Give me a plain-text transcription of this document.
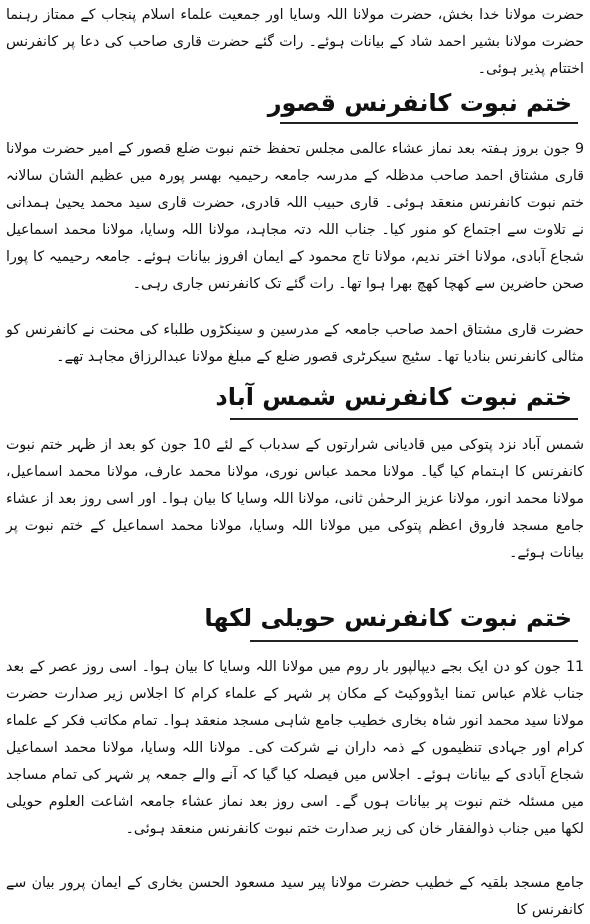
حضرت مولانا خدا بخش، حضرت مولانا اللہ وسایا اور جمعیت علماء اسلام پنجاب کے ممتاز رہنما حضرت مولانا بشیر احمد شاد کے بیانات ہوئے۔ رات گئے حضرت قاری صاحب کی دعا پر کانفرنس اختتام پذیر ہوئی۔
ختم نبوت کانفرنس قصور
9 جون بروز ہفتہ بعد نماز عشاء عالمی مجلس تحفظ ختم نبوت ضلع قصور کے امیر حضرت مولانا قاری مشتاق احمد صاحب مدظلہ کے مدرسہ جامعہ رحیمیہ بھسر پورہ میں عظیم الشان سالانہ ختم نبوت کانفرنس منعقد ہوئی۔ قاری حبیب اللہ قادری، حضرت قاری سید محمد یحییٰ ہمدانی نے تلاوت سے اجتماع کو منور کیا۔ جناب اللہ دتہ مجاہد، مولانا اللہ وسایا، مولانا محمد اسماعیل شجاع آبادی، مولانا اختر ندیم، مولانا تاج محمود کے ایمان افروز بیانات ہوئے۔ جامعہ رحیمیہ کا پورا صحن حاضرین سے کھچا کھچ بھرا ہوا تھا۔ رات گئے تک کانفرنس جاری رہی۔
حضرت قاری مشتاق احمد صاحب جامعہ کے مدرسین و سینکڑوں طلباء کی محنت نے کانفرنس کو مثالی کانفرنس بنادیا تھا۔ سٹیج سیکرٹری قصور ضلع کے مبلغ مولانا عبدالرزاق مجاہد تھے۔
ختم نبوت کانفرنس شمس آباد
شمس آباد نزد پتوکی میں قادیانی شرارتوں کے سدباب کے لئے 10 جون کو بعد از ظہر ختم نبوت کانفرنس کا اہتمام کیا گیا۔ مولانا محمد عباس نوری، مولانا محمد عارف، مولانا محمد اسماعیل، مولانا محمد انور، مولانا عزیز الرحمٰن ثانی، مولانا اللہ وسایا کا بیان ہوا۔ اور اسی روز بعد از عشاء جامع مسجد فاروق اعظم پتوکی میں مولانا اللہ وسایا، مولانا محمد اسماعیل کے ختم نبوت پر بیانات ہوئے۔
ختم نبوت کانفرنس حویلی لکھا
11 جون کو دن ایک بجے دیپالپور بار روم میں مولانا اللہ وسایا کا بیان ہوا۔ اسی روز عصر کے بعد جناب غلام عباس تمنا ایڈووکیٹ کے مکان پر شہر کے علماء کرام کا اجلاس زیر صدارت حضرت مولانا سید محمد انور شاہ بخاری خطیب جامع شاہی مسجد منعقد ہوا۔ تمام مکاتب فکر کے علماء کرام اور جہادی تنظیموں کے ذمہ داران نے شرکت کی۔ مولانا اللہ وسایا، مولانا محمد اسماعیل شجاع آبادی کے بیانات ہوئے۔ اجلاس میں فیصلہ کیا گیا کہ آنے والے جمعہ پر شہر کی تمام مساجد میں مسئلہ ختم نبوت پر بیانات ہوں گے۔ اسی روز بعد نماز عشاء جامعہ اشاعت العلوم حویلی لکھا میں جناب ذوالفقار خان کی زیر صدارت ختم نبوت کانفرنس منعقد ہوئی۔
جامع مسجد بلقیہ کے خطیب حضرت مولانا پیر سید مسعود الحسن بخاری کے ایمان پرور بیان سے کانفرنس کا
